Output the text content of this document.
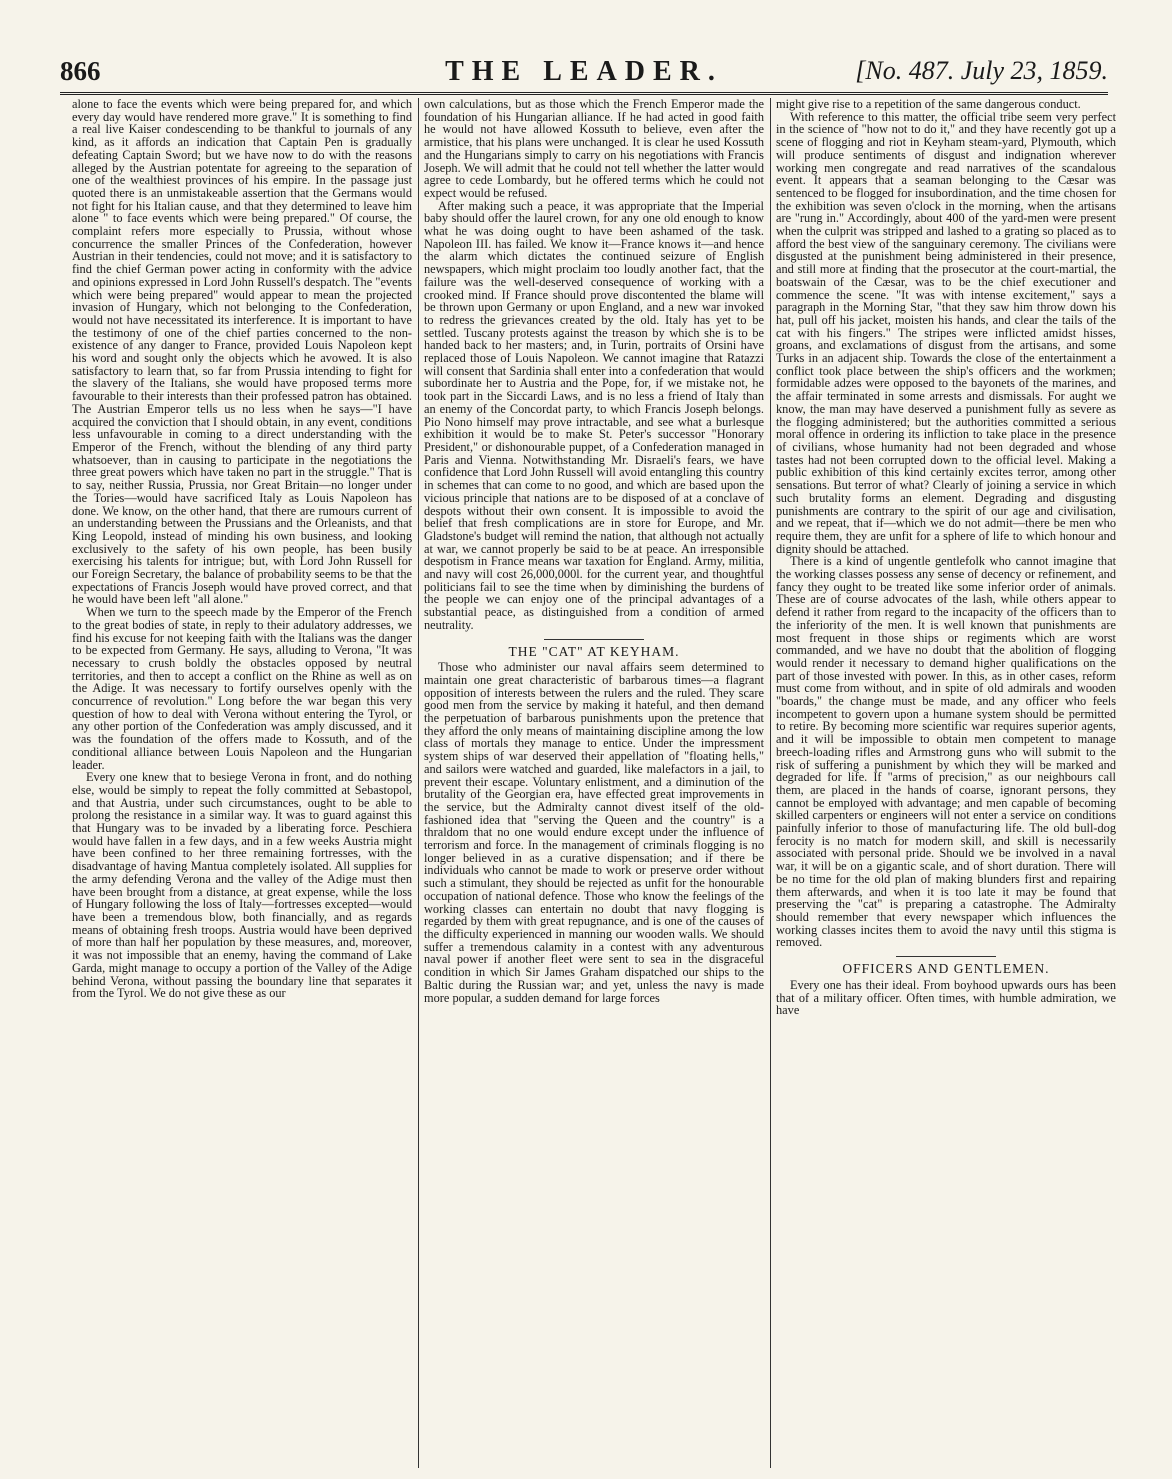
866	THE LEADER.	[No. 487. July 23, 1859.

alone to face the events which were being prepared for, and which every day would have rendered more grave." It is something to find a real live Kaiser condescending to be thankful to journals of any kind, as it affords an indication that Captain Pen is gradually defeating Captain Sword; but we have now to do with the reasons alleged by the Austrian potentate for agreeing to the separation of one of the wealthiest provinces of his empire. In the passage just quoted there is an unmistakeable assertion that the Germans would not fight for his Italian cause, and that they determined to leave him alone " to face events which were being prepared." Of course, the complaint refers more especially to Prussia, without whose concurrence the smaller Princes of the Confederation, however Austrian in their tendencies, could not move; and it is satisfactory to find the chief German power acting in conformity with the advice and opinions expressed in Lord John Russell's despatch. The "events which were being prepared" would appear to mean the projected invasion of Hungary, which not belonging to the Confederation, would not have necessitated its interference. It is important to have the testimony of one of the chief parties concerned to the non-existence of any danger to France, provided Louis Napoleon kept his word and sought only the objects which he avowed. It is also satisfactory to learn that, so far from Prussia intending to fight for the slavery of the Italians, she would have proposed terms more favourable to their interests than their professed patron has obtained. The Austrian Emperor tells us no less when he says—"I have acquired the conviction that I should obtain, in any event, conditions less unfavourable in coming to a direct understanding with the Emperor of the French, without the blending of any third party whatsoever, than in causing to participate in the negotiations the three great powers which have taken no part in the struggle." That is to say, neither Russia, Prussia, nor Great Britain—no longer under the Tories—would have sacrificed Italy as Louis Napoleon has done. We know, on the other hand, that there are rumours current of an understanding between the Prussians and the Orleanists, and that King Leopold, instead of minding his own business, and looking exclusively to the safety of his own people, has been busily exercising his talents for intrigue; but, with Lord John Russell for our Foreign Secretary, the balance of probability seems to be that the expectations of Francis Joseph would have proved correct, and that he would have been left "all alone."

When we turn to the speech made by the Emperor of the French to the great bodies of state, in reply to their adulatory addresses, we find his excuse for not keeping faith with the Italians was the danger to be expected from Germany. He says, alluding to Verona, "It was necessary to crush boldly the obstacles opposed by neutral territories, and then to accept a conflict on the Rhine as well as on the Adige. It was necessary to fortify ourselves openly with the concurrence of revolution." Long before the war began this very question of how to deal with Verona without entering the Tyrol, or any other portion of the Confederation was amply discussed, and it was the foundation of the offers made to Kossuth, and of the conditional alliance between Louis Napoleon and the Hungarian leader.

Every one knew that to besiege Verona in front, and do nothing else, would be simply to repeat the folly committed at Sebastopol, and that Austria, under such circumstances, ought to be able to prolong the resistance in a similar way. It was to guard against this that Hungary was to be invaded by a liberating force. Peschiera would have fallen in a few days, and in a few weeks Austria might have been confined to her three remaining fortresses, with the disadvantage of having Mantua completely isolated. All supplies for the army defending Verona and the valley of the Adige must then have been brought from a distance, at great expense, while the loss of Hungary following the loss of Italy—fortresses excepted—would have been a tremendous blow, both financially, and as regards means of obtaining fresh troops. Austria would have been deprived of more than half her population by these measures, and, moreover, it was not impossible that an enemy, having the command of Lake Garda, might manage to occupy a portion of the Valley of the Adige behind Verona, without passing the boundary line that separates it from the Tyrol. We do not give these as our

own calculations, but as those which the French Emperor made the foundation of his Hungarian alliance. If he had acted in good faith he would not have allowed Kossuth to believe, even after the armistice, that his plans were unchanged. It is clear he used Kossuth and the Hungarians simply to carry on his negotiations with Francis Joseph. We will admit that he could not tell whether the latter would agree to cede Lombardy, but he offered terms which he could not expect would be refused.

After making such a peace, it was appropriate that the Imperial baby should offer the laurel crown, for any one old enough to know what he was doing ought to have been ashamed of the task. Napoleon III. has failed. We know it—France knows it—and hence the alarm which dictates the continued seizure of English newspapers, which might proclaim too loudly another fact, that the failure was the well-deserved consequence of working with a crooked mind. If France should prove discontented the blame will be thrown upon Germany or upon England, and a new war invoked to redress the grievances created by the old. Italy has yet to be settled. Tuscany protests against the treason by which she is to be handed back to her masters; and, in Turin, portraits of Orsini have replaced those of Louis Napoleon. We cannot imagine that Ratazzi will consent that Sardinia shall enter into a confederation that would subordinate her to Austria and the Pope, for, if we mistake not, he took part in the Siccardi Laws, and is no less a friend of Italy than an enemy of the Concordat party, to which Francis Joseph belongs. Pio Nono himself may prove intractable, and see what a burlesque exhibition it would be to make St. Peter's successor "Honorary President," or dishonourable puppet, of a Confederation managed in Paris and Vienna. Notwithstanding Mr. Disraeli's fears, we have confidence that Lord John Russell will avoid entangling this country in schemes that can come to no good, and which are based upon the vicious principle that nations are to be disposed of at a conclave of despots without their own consent. It is impossible to avoid the belief that fresh complications are in store for Europe, and Mr. Gladstone's budget will remind the nation, that although not actually at war, we cannot properly be said to be at peace. An irresponsible despotism in France means war taxation for England. Army, militia, and navy will cost 26,000,000l. for the current year, and thoughtful politicians fail to see the time when by diminishing the burdens of the people we can enjoy one of the principal advantages of a substantial peace, as distinguished from a condition of armed neutrality.

THE "CAT" AT KEYHAM.

Those who administer our naval affairs seem determined to maintain one great characteristic of barbarous times—a flagrant opposition of interests between the rulers and the ruled. They scare good men from the service by making it hateful, and then demand the perpetuation of barbarous punishments upon the pretence that they afford the only means of maintaining discipline among the low class of mortals they manage to entice. Under the impressment system ships of war deserved their appellation of "floating hells," and sailors were watched and guarded, like malefactors in a jail, to prevent their escape. Voluntary enlistment, and a diminution of the brutality of the Georgian era, have effected great improvements in the service, but the Admiralty cannot divest itself of the old-fashioned idea that "serving the Queen and the country" is a thraldom that no one would endure except under the influence of terrorism and force. In the management of criminals flogging is no longer believed in as a curative dispensation; and if there be individuals who cannot be made to work or preserve order without such a stimulant, they should be rejected as unfit for the honourable occupation of national defence. Those who know the feelings of the working classes can entertain no doubt that navy flogging is regarded by them with great repugnance, and is one of the causes of the difficulty experienced in manning our wooden walls. We should suffer a tremendous calamity in a contest with any adventurous naval power if another fleet were sent to sea in the disgraceful condition in which Sir James Graham dispatched our ships to the Baltic during the Russian war; and yet, unless the navy is made more popular, a sudden demand for large forces

might give rise to a repetition of the same dangerous conduct.

With reference to this matter, the official tribe seem very perfect in the science of "how not to do it," and they have recently got up a scene of flogging and riot in Keyham steam-yard, Plymouth, which will produce sentiments of disgust and indignation wherever working men congregate and read narratives of the scandalous event. It appears that a seaman belonging to the Cæsar was sentenced to be flogged for insubordination, and the time chosen for the exhibition was seven o'clock in the morning, when the artisans are "rung in." Accordingly, about 400 of the yard-men were present when the culprit was stripped and lashed to a grating so placed as to afford the best view of the sanguinary ceremony. The civilians were disgusted at the punishment being administered in their presence, and still more at finding that the prosecutor at the court-martial, the boatswain of the Cæsar, was to be the chief executioner and commence the scene. "It was with intense excitement," says a paragraph in the Morning Star, "that they saw him throw down his hat, pull off his jacket, moisten his hands, and clear the tails of the cat with his fingers." The stripes were inflicted amidst hisses, groans, and exclamations of disgust from the artisans, and some Turks in an adjacent ship. Towards the close of the entertainment a conflict took place between the ship's officers and the workmen; formidable adzes were opposed to the bayonets of the marines, and the affair terminated in some arrests and dismissals. For aught we know, the man may have deserved a punishment fully as severe as the flogging administered; but the authorities committed a serious moral offence in ordering its infliction to take place in the presence of civilians, whose humanity had not been degraded and whose tastes had not been corrupted down to the official level. Making a public exhibition of this kind certainly excites terror, among other sensations. But terror of what? Clearly of joining a service in which such brutality forms an element. Degrading and disgusting punishments are contrary to the spirit of our age and civilisation, and we repeat, that if—which we do not admit—there be men who require them, they are unfit for a sphere of life to which honour and dignity should be attached.

There is a kind of ungentle gentlefolk who cannot imagine that the working classes possess any sense of decency or refinement, and fancy they ought to be treated like some inferior order of animals. These are of course advocates of the lash, while others appear to defend it rather from regard to the incapacity of the officers than to the inferiority of the men. It is well known that punishments are most frequent in those ships or regiments which are worst commanded, and we have no doubt that the abolition of flogging would render it necessary to demand higher qualifications on the part of those invested with power. In this, as in other cases, reform must come from without, and in spite of old admirals and wooden "boards," the change must be made, and any officer who feels incompetent to govern upon a humane system should be permitted to retire. By becoming more scientific war requires superior agents, and it will be impossible to obtain men competent to manage breech-loading rifles and Armstrong guns who will submit to the risk of suffering a punishment by which they will be marked and degraded for life. If "arms of precision," as our neighbours call them, are placed in the hands of coarse, ignorant persons, they cannot be employed with advantage; and men capable of becoming skilled carpenters or engineers will not enter a service on conditions painfully inferior to those of manufacturing life. The old bull-dog ferocity is no match for modern skill, and skill is necessarily associated with personal pride. Should we be involved in a naval war, it will be on a gigantic scale, and of short duration. There will be no time for the old plan of making blunders first and repairing them afterwards, and when it is too late it may be found that preserving the "cat" is preparing a catastrophe. The Admiralty should remember that every newspaper which influences the working classes incites them to avoid the navy until this stigma is removed.

OFFICERS AND GENTLEMEN.

Every one has their ideal. From boyhood upwards ours has been that of a military officer. Often times, with humble admiration, we have
